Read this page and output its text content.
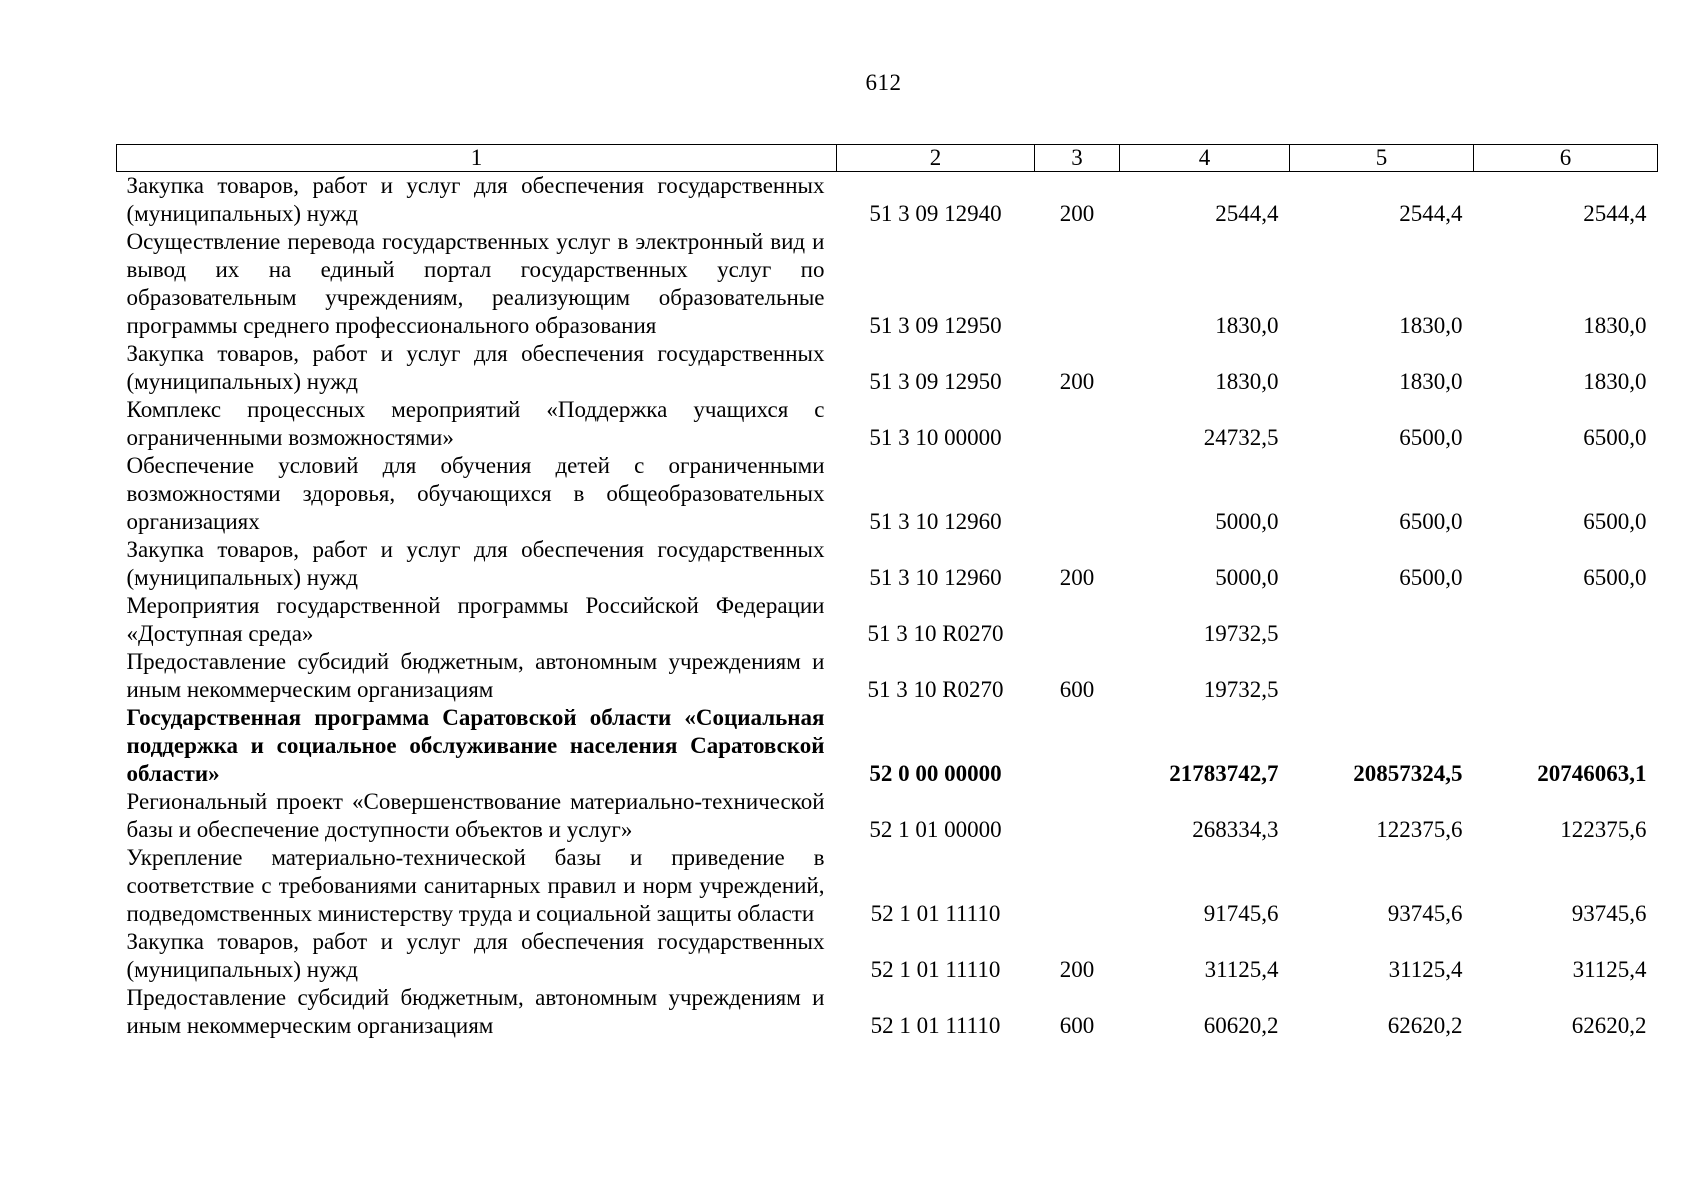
612
1	2	3	4	5	6
Закупка товаров, работ и услуг для обеспечения государственных (муниципальных) нужд	51 3 09 12940	200	2544,4	2544,4	2544,4
Осуществление перевода государственных услуг в электронный вид и вывод их на единый портал государственных услуг по образовательным учреждениям, реализующим образовательные программы среднего профессионального образования	51 3 09 12950		1830,0	1830,0	1830,0
Закупка товаров, работ и услуг для обеспечения государственных (муниципальных) нужд	51 3 09 12950	200	1830,0	1830,0	1830,0
Комплекс процессных мероприятий «Поддержка учащихся с ограниченными возможностями»	51 3 10 00000		24732,5	6500,0	6500,0
Обеспечение условий для обучения детей с ограниченными возможностями здоровья, обучающихся в общеобразовательных организациях	51 3 10 12960		5000,0	6500,0	6500,0
Закупка товаров, работ и услуг для обеспечения государственных (муниципальных) нужд	51 3 10 12960	200	5000,0	6500,0	6500,0
Мероприятия государственной программы Российской Федерации «Доступная среда»	51 3 10 R0270		19732,5		
Предоставление субсидий бюджетным, автономным учреждениям и иным некоммерческим организациям	51 3 10 R0270	600	19732,5		
Государственная программа Саратовской области «Социальная поддержка и социальное обслуживание населения Саратовской области»	52 0 00 00000		21783742,7	20857324,5	20746063,1
Региональный проект «Совершенствование материально-технической базы и обеспечение доступности объектов и услуг»	52 1 01 00000		268334,3	122375,6	122375,6
Укрепление материально-технической базы и приведение в соответствие с требованиями санитарных правил и норм учреждений, подведомственных министерству труда и социальной защиты области	52 1 01 11110		91745,6	93745,6	93745,6
Закупка товаров, работ и услуг для обеспечения государственных (муниципальных) нужд	52 1 01 11110	200	31125,4	31125,4	31125,4
Предоставление субсидий бюджетным, автономным учреждениям и иным некоммерческим организациям	52 1 01 11110	600	60620,2	62620,2	62620,2
